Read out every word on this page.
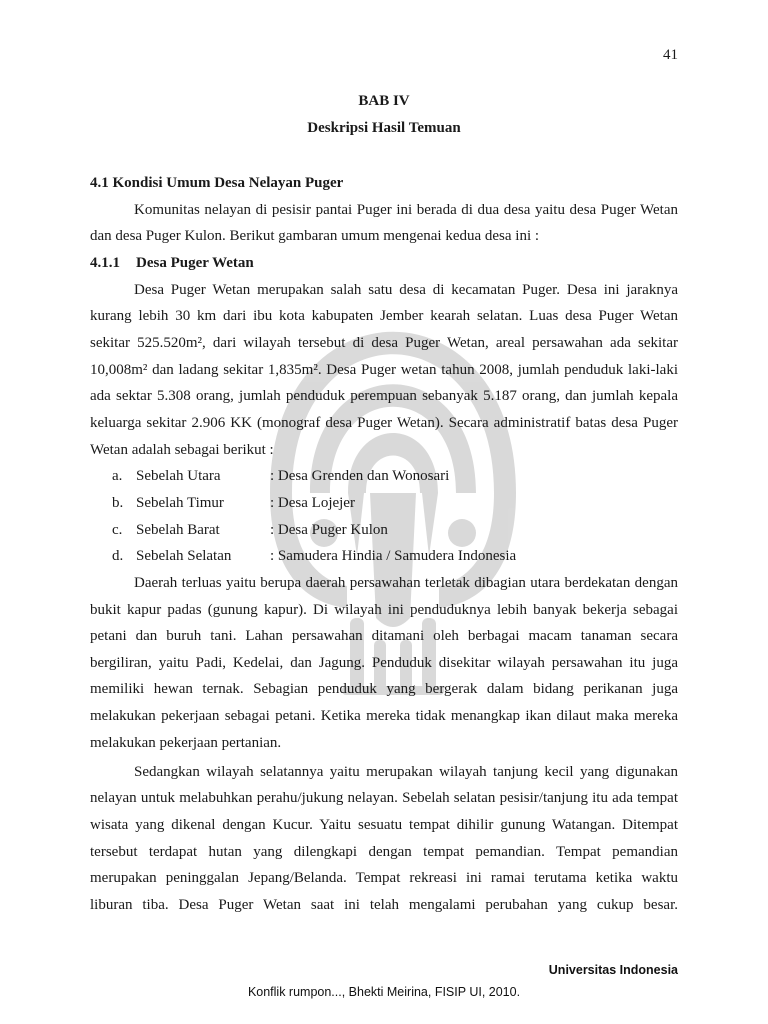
41
BAB IV
Deskripsi Hasil Temuan
4.1 Kondisi Umum Desa Nelayan Puger
Komunitas nelayan di pesisir pantai Puger ini berada di dua desa yaitu desa Puger Wetan
dan desa Puger Kulon. Berikut gambaran umum mengenai kedua desa ini :
4.1.1 Desa Puger Wetan
Desa Puger Wetan merupakan salah satu desa di kecamatan Puger. Desa ini jaraknya
kurang lebih 30 km dari ibu kota kabupaten Jember kearah selatan. Luas desa Puger Wetan
sekitar 525.520m², dari wilayah tersebut di desa Puger Wetan, areal persawahan ada sekitar
10,008m² dan ladang sekitar 1,835m². Desa Puger wetan tahun 2008, jumlah penduduk laki-laki
ada sektar 5.308 orang, jumlah penduduk perempuan sebanyak 5.187 orang, dan jumlah kepala
keluarga sekitar 2.906 KK (monograf desa Puger Wetan). Secara administratif batas desa Puger
Wetan adalah sebagai berikut :
a. Sebelah Utara	: Desa Grenden dan Wonosari
b. Sebelah Timur	: Desa Lojejer
c. Sebelah Barat	: Desa Puger Kulon
d. Sebelah Selatan	: Samudera Hindia / Samudera Indonesia
Daerah terluas yaitu berupa daerah persawahan terletak dibagian utara berdekatan dengan
bukit kapur padas (gunung kapur). Di wilayah ini penduduknya lebih banyak bekerja sebagai
petani dan buruh tani. Lahan persawahan ditamani oleh berbagai macam tanaman secara
bergiliran, yaitu Padi, Kedelai, dan Jagung. Penduduk disekitar wilayah persawahan itu juga
memiliki hewan ternak. Sebagian penduduk yang bergerak dalam bidang perikanan juga
melakukan pekerjaan sebagai petani. Ketika mereka tidak menangkap ikan dilaut maka mereka
melakukan pekerjaan pertanian.
Sedangkan wilayah selatannya yaitu merupakan wilayah tanjung kecil yang digunakan
nelayan untuk melabuhkan perahu/jukung nelayan. Sebelah selatan pesisir/tanjung itu ada tempat
wisata yang dikenal dengan Kucur. Yaitu sesuatu tempat dihilir gunung Watangan. Ditempat
tersebut terdapat hutan yang dilengkapi dengan tempat pemandian. Tempat pemandian
merupakan peninggalan Jepang/Belanda. Tempat rekreasi ini ramai terutama ketika waktu
liburan tiba. Desa Puger Wetan saat ini telah mengalami perubahan yang cukup besar.
Universitas Indonesia
Konflik rumpon..., Bhekti Meirina, FISIP UI, 2010.
